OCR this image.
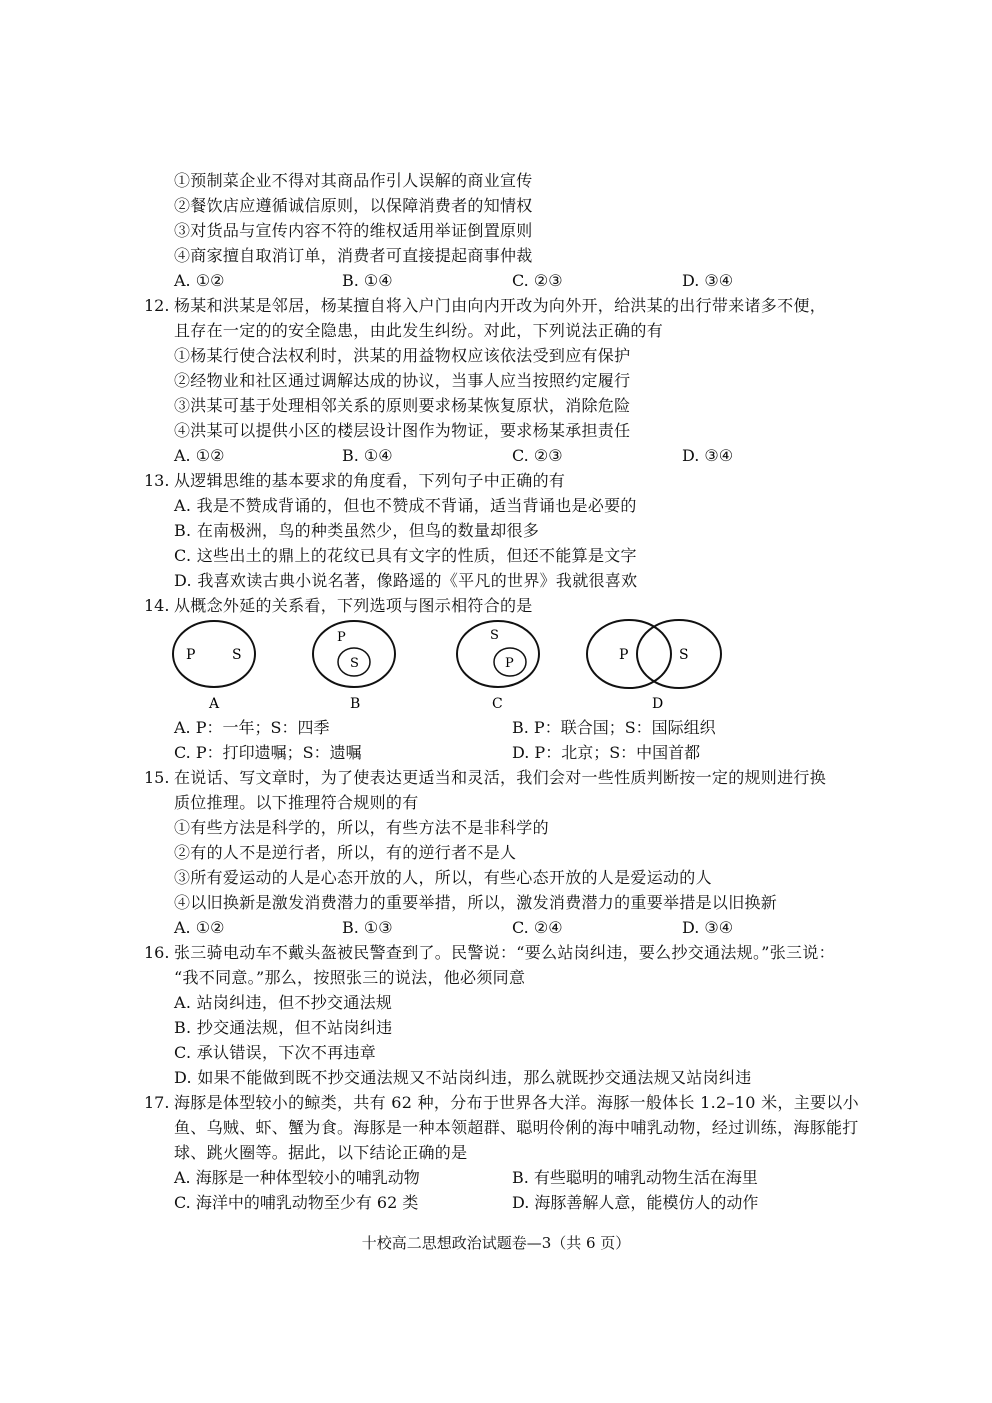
①预制菜企业不得对其商品作引人误解的商业宣传
②餐饮店应遵循诚信原则，以保障消费者的知情权
③对货品与宣传内容不符的维权适用举证倒置原则
④商家擅自取消订单，消费者可直接提起商事仲裁
A. ①②	B. ①④	C. ②③	D. ③④
12. 杨某和洪某是邻居，杨某擅自将入户门由向内开改为向外开，给洪某的出行带来诸多不便，
且存在一定的的安全隐患，由此发生纠纷。对此，下列说法正确的有
①杨某行使合法权利时，洪某的用益物权应该依法受到应有保护
②经物业和社区通过调解达成的协议，当事人应当按照约定履行
③洪某可基于处理相邻关系的原则要求杨某恢复原状，消除危险
④洪某可以提供小区的楼层设计图作为物证，要求杨某承担责任
A. ①②	B. ①④	C. ②③	D. ③④
13. 从逻辑思维的基本要求的角度看，下列句子中正确的有
A. 我是不赞成背诵的，但也不赞成不背诵，适当背诵也是必要的
B. 在南极洲，鸟的种类虽然少，但鸟的数量却很多
C. 这些出土的鼎上的花纹已具有文字的性质，但还不能算是文字
D. 我喜欢读古典小说名著，像路遥的《平凡的世界》我就很喜欢
14. 从概念外延的关系看，下列选项与图示相符合的是
P	S
A
P
S
B
S
P
C
P	S
D
A. P：一年；S：四季	B. P：联合国；S：国际组织
C. P：打印遗嘱；S：遗嘱	D. P：北京；S：中国首都
15. 在说话、写文章时，为了使表达更适当和灵活，我们会对一些性质判断按一定的规则进行换
质位推理。以下推理符合规则的有
①有些方法是科学的，所以，有些方法不是非科学的
②有的人不是逆行者，所以，有的逆行者不是人
③所有爱运动的人是心态开放的人，所以，有些心态开放的人是爱运动的人
④以旧换新是激发消费潜力的重要举措，所以，激发消费潜力的重要举措是以旧换新
A. ①②	B. ①③	C. ②④	D. ③④
16. 张三骑电动车不戴头盔被民警查到了。民警说：“要么站岗纠违，要么抄交通法规。”张三说：
“我不同意。”那么，按照张三的说法，他必须同意
A. 站岗纠违，但不抄交通法规
B. 抄交通法规，但不站岗纠违
C. 承认错误，下次不再违章
D. 如果不能做到既不抄交通法规又不站岗纠违，那么就既抄交通法规又站岗纠违
17. 海豚是体型较小的鲸类，共有 62 种，分布于世界各大洋。海豚一般体长 1.2–10 米，主要以小
鱼、乌贼、虾、蟹为食。海豚是一种本领超群、聪明伶俐的海中哺乳动物，经过训练，海豚能打
球、跳火圈等。据此，以下结论正确的是
A. 海豚是一种体型较小的哺乳动物	B. 有些聪明的哺乳动物生活在海里
C. 海洋中的哺乳动物至少有 62 类	D. 海豚善解人意，能模仿人的动作
十校高二思想政治试题卷—3（共 6 页）
